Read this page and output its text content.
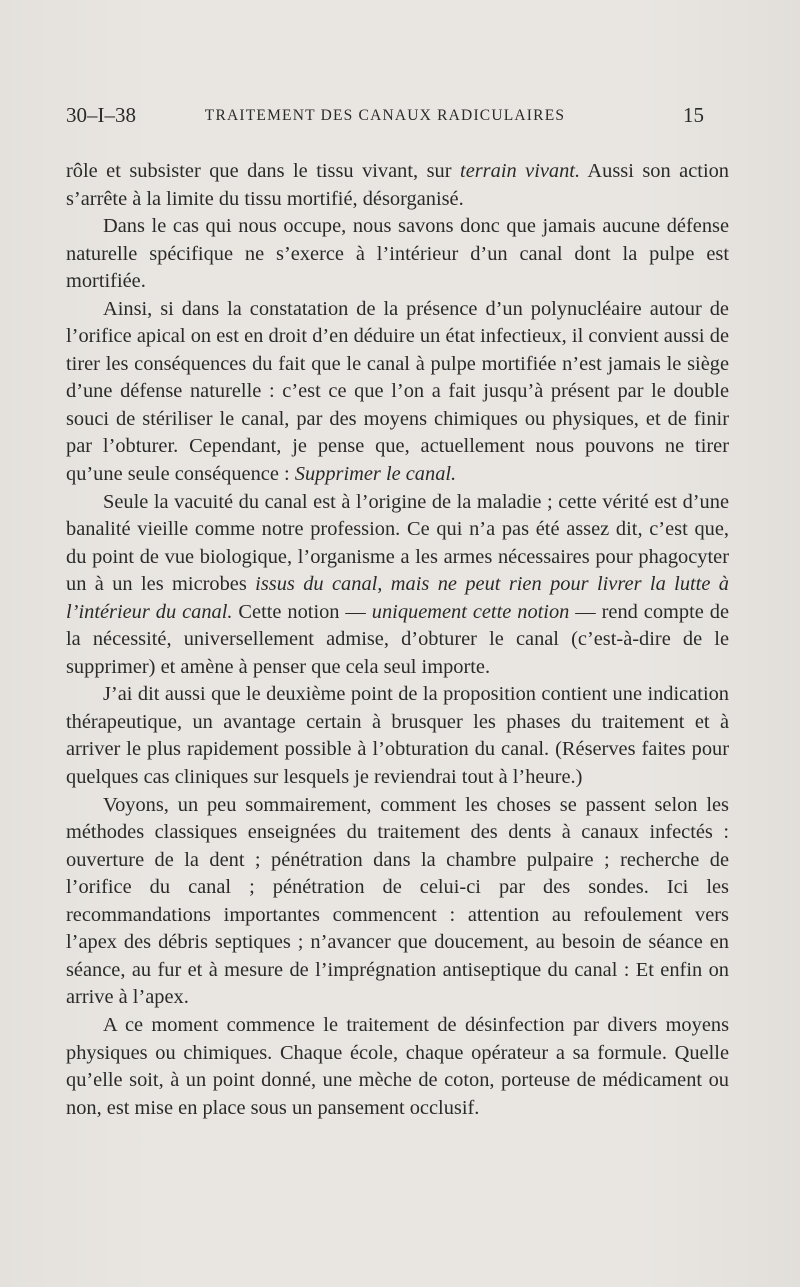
30–I–38	TRAITEMENT DES CANAUX RADICULAIRES	15

rôle et subsister que dans le tissu vivant, sur terrain vivant. Aussi son action s’arrête à la limite du tissu mortifié, désorganisé.

Dans le cas qui nous occupe, nous savons donc que jamais aucune défense naturelle spécifique ne s’exerce à l’intérieur d’un canal dont la pulpe est mortifiée.

Ainsi, si dans la constatation de la présence d’un polynucléaire autour de l’orifice apical on est en droit d’en déduire un état infectieux, il convient aussi de tirer les conséquences du fait que le canal à pulpe mortifiée n’est jamais le siège d’une défense naturelle : c’est ce que l’on a fait jusqu’à présent par le double souci de stériliser le canal, par des moyens chimiques ou physiques, et de finir par l’obturer. Cependant, je pense que, actuellement nous pouvons ne tirer qu’une seule conséquence : Supprimer le canal.

Seule la vacuité du canal est à l’origine de la maladie ; cette vérité est d’une banalité vieille comme notre profession. Ce qui n’a pas été assez dit, c’est que, du point de vue biologique, l’organisme a les armes nécessaires pour phagocyter un à un les microbes issus du canal, mais ne peut rien pour livrer la lutte à l’intérieur du canal. Cette notion — uniquement cette notion — rend compte de la nécessité, universellement admise, d’obturer le canal (c’est-à-dire de le supprimer) et amène à penser que cela seul importe.

J’ai dit aussi que le deuxième point de la proposition contient une indication thérapeutique, un avantage certain à brusquer les phases du traitement et à arriver le plus rapidement possible à l’obturation du canal. (Réserves faites pour quelques cas cliniques sur lesquels je reviendrai tout à l’heure.)

Voyons, un peu sommairement, comment les choses se passent selon les méthodes classiques enseignées du traitement des dents à canaux infectés : ouverture de la dent ; pénétration dans la chambre pulpaire ; recherche de l’orifice du canal ; pénétration de celui-ci par des sondes. Ici les recommandations importantes commencent : attention au refoulement vers l’apex des débris septiques ; n’avancer que doucement, au besoin de séance en séance, au fur et à mesure de l’imprégnation antiseptique du canal : Et enfin on arrive à l’apex.

A ce moment commence le traitement de désinfection par divers moyens physiques ou chimiques. Chaque école, chaque opérateur a sa formule. Quelle qu’elle soit, à un point donné, une mèche de coton, porteuse de médicament ou non, est mise en place sous un pansement occlusif.
